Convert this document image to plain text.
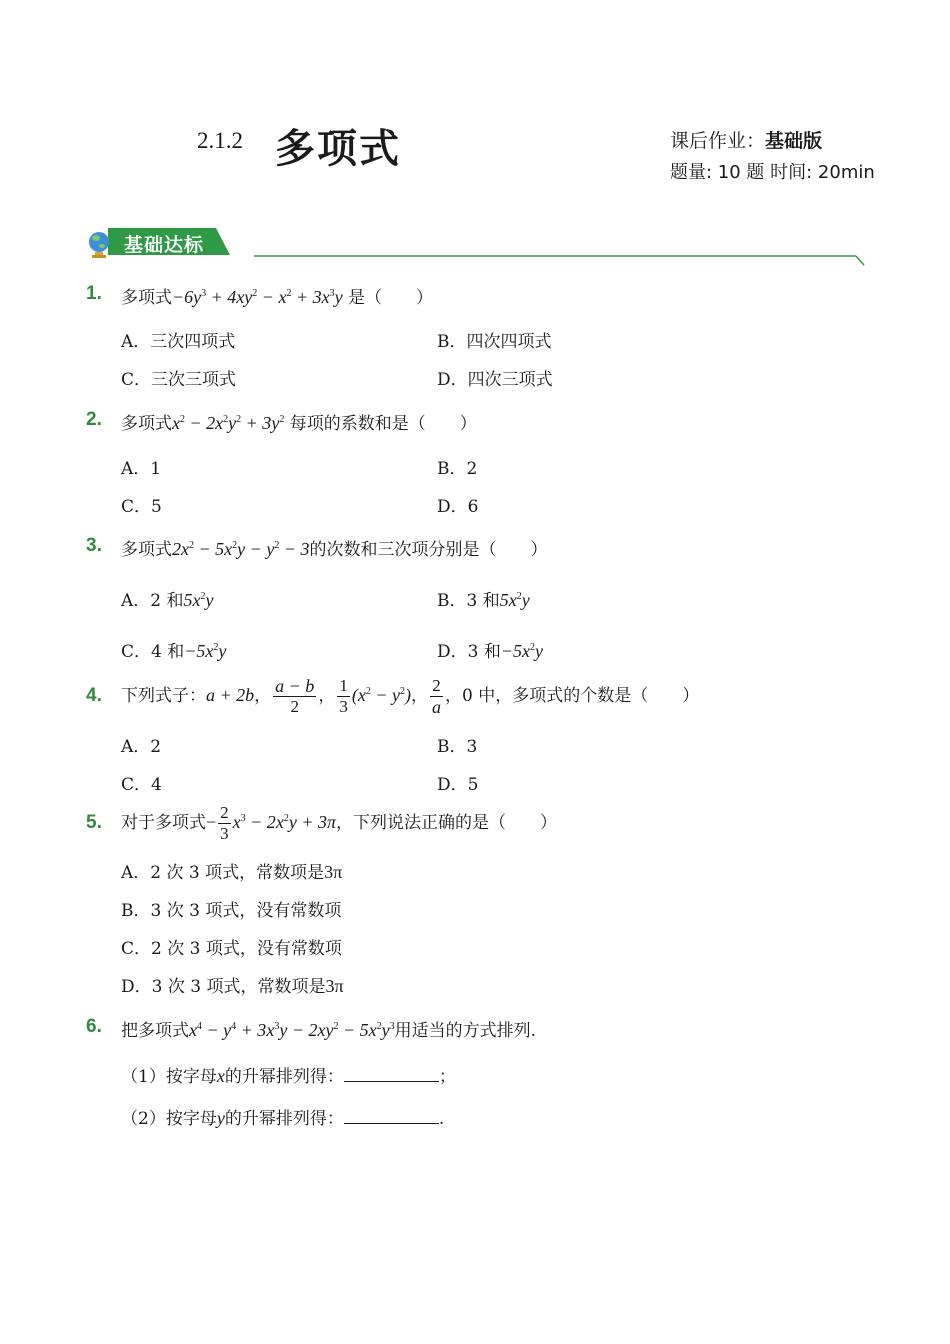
2.1.2 多项式	课后作业：基础版
题量: 10 题 时间: 20min
基础达标
1. 多项式$-6y^3 + 4xy^2 - x^2 + 3x^3y$ 是（　　）
A．三次四项式	B．四次四项式
C．三次三项式	D．四次三项式
2. 多项式$x^2 - 2x^2y^2 + 3y^2$ 每项的系数和是（　　）
A．1	B．2
C．5	D．6
3. 多项式$2x^2 - 5x^2y - y^2 - 3$的次数和三次项分别是（　　）
A．2 和$5x^2y$	B．3 和$5x^2y$
C．4 和$-5x^2y$	D．3 和$-5x^2y$
4. 下列式子：a + 2b， $\frac{a - b}{2}$ ， $\frac{1}{3} (x^2 - y^2)$， $\frac{2}{a}$ ，0 中，多项式的个数是（　　）
A．2	B．3
C．4	D．5
5. 对于多项式− $\frac{2}{3} x^3 - 2x^2y + 3\pi$，下列说法正确的是（　　）
A．2 次 3 项式，常数项是3π
B．3 次 3 项式，没有常数项
C．2 次 3 项式，没有常数项
D．3 次 3 项式，常数项是3π
6. 把多项式$x^4 - y^4 + 3x^3y - 2xy^2 - 5x^2y^3$用适当的方式排列.
（1）按字母x的升幂排列得：	；
（2）按字母y的升幂排列得：	.
